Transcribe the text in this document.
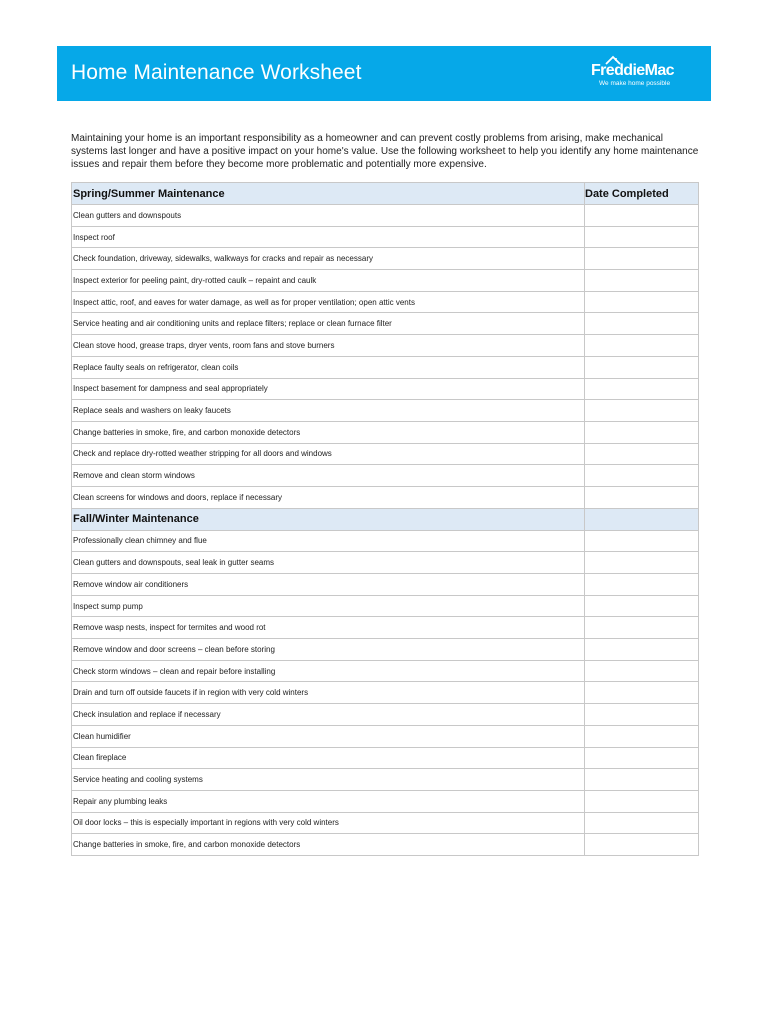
Home Maintenance Worksheet	FreddieMac
We make home possible

Maintaining your home is an important responsibility as a homeowner and can prevent costly problems from arising, make mechanical systems last longer and have a positive impact on your home's value. Use the following worksheet to help you identify any home maintenance issues and repair them before they become more problematic and potentially more expensive.

Spring/Summer Maintenance	Date Completed
Clean gutters and downspouts	
Inspect roof	
Check foundation, driveway, sidewalks, walkways for cracks and repair as necessary	
Inspect exterior for peeling paint, dry-rotted caulk – repaint and caulk	
Inspect attic, roof, and eaves for water damage, as well as for proper ventilation; open attic vents	
Service heating and air conditioning units and replace filters; replace or clean furnace filter	
Clean stove hood, grease traps, dryer vents, room fans and stove burners	
Replace faulty seals on refrigerator, clean coils	
Inspect basement for dampness and seal appropriately	
Replace seals and washers on leaky faucets	
Change batteries in smoke, fire, and carbon monoxide detectors	
Check and replace dry-rotted weather stripping for all doors and windows	
Remove and clean storm windows	
Clean screens for windows and doors, replace if necessary	
Fall/Winter Maintenance	
Professionally clean chimney and flue	
Clean gutters and downspouts, seal leak in gutter seams	
Remove window air conditioners	
Inspect sump pump	
Remove wasp nests, inspect for termites and wood rot	
Remove window and door screens – clean before storing	
Check storm windows – clean and repair before installing	
Drain and turn off outside faucets if in region with very cold winters	
Check insulation and replace if necessary	
Clean humidifier	
Clean fireplace	
Service heating and cooling systems	
Repair any plumbing leaks	
Oil door locks – this is especially important in regions with very cold winters	
Change batteries in smoke, fire, and carbon monoxide detectors	
